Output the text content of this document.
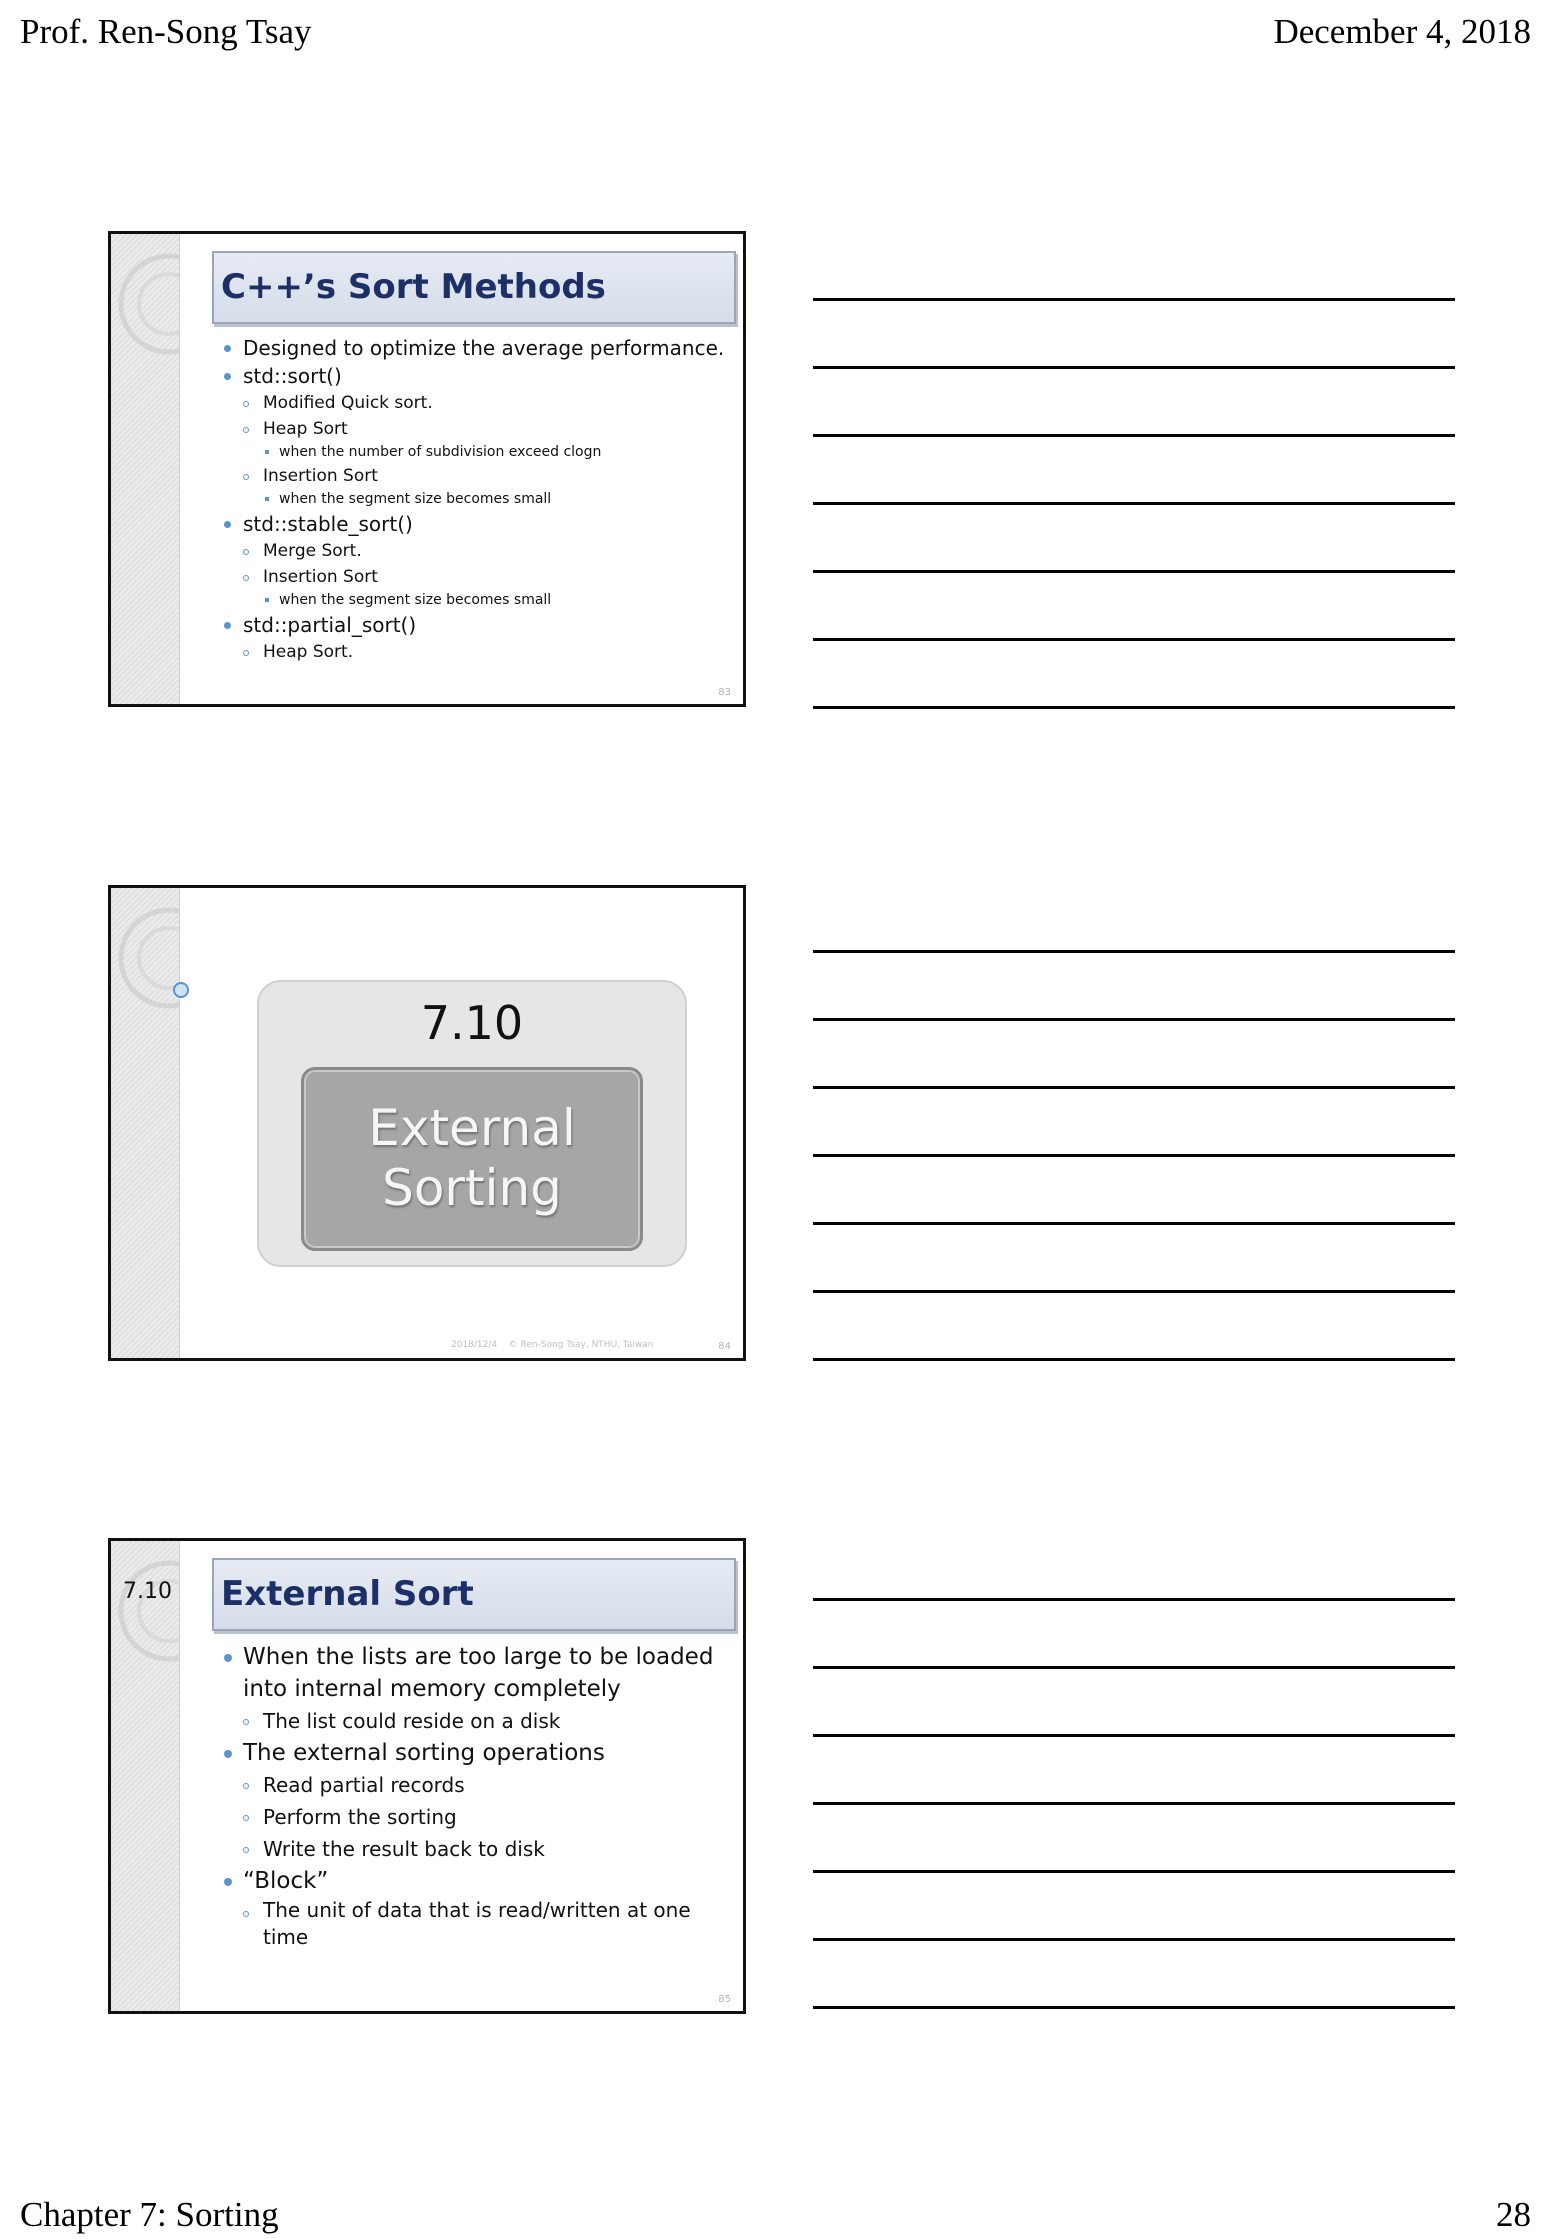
Prof. Ren-Song Tsay	December 4, 2018
C++’s Sort Methods
Designed to optimize the average performance.
std::sort()
Modified Quick sort.
Heap Sort
when the number of subdivision exceed clogn
Insertion Sort
when the segment size becomes small
std::stable_sort()
Merge Sort.
Insertion Sort
when the segment size becomes small
std::partial_sort()
Heap Sort.
83
7.10
External
Sorting
2018/12/4 © Ren-Song Tsay, NTHU, Taiwan	84
7.10 External Sort
When the lists are too large to be loaded into internal memory completely
The list could reside on a disk
The external sorting operations
Read partial records
Perform the sorting
Write the result back to disk
“Block”
The unit of data that is read/written at one time
85
Chapter 7: Sorting	28
